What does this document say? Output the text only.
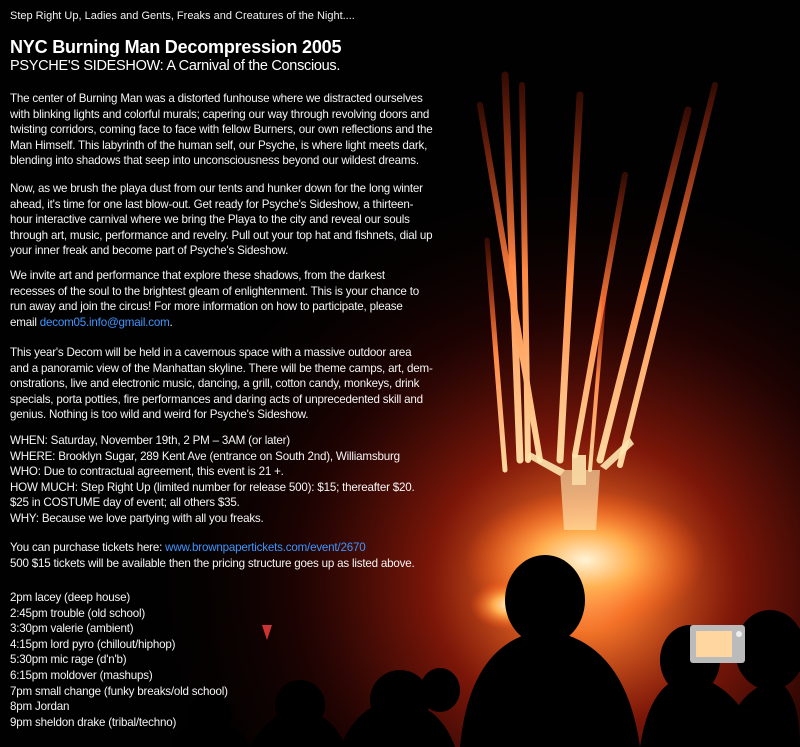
Step Right Up, Ladies and Gents, Freaks and Creatures of the Night....
NYC Burning Man Decompression 2005
PSYCHE'S SIDESHOW: A Carnival of the Conscious.
The center of Burning Man was a distorted funhouse where we distracted ourselves
with blinking lights and colorful murals; capering our way through revolving doors and
twisting corridors, coming face to face with fellow Burners, our own reflections and the
Man Himself. This labyrinth of the human self, our Psyche, is where light meets dark,
blending into shadows that seep into unconsciousness beyond our wildest dreams.
Now, as we brush the playa dust from our tents and hunker down for the long winter
ahead, it's time for one last blow-out. Get ready for Psyche's Sideshow, a thirteen-
hour interactive carnival where we bring the Playa to the city and reveal our souls
through art, music, performance and revelry. Pull out your top hat and fishnets, dial up
your inner freak and become part of Psyche's Sideshow.
We invite art and performance that explore these shadows, from the darkest
recesses of the soul to the brightest gleam of enlightenment. This is your chance to
run away and join the circus! For more information on how to participate, please
email decom05.info@gmail.com.
This year's Decom will be held in a cavernous space with a massive outdoor area
and a panoramic view of the Manhattan skyline. There will be theme camps, art, dem-
onstrations, live and electronic music, dancing, a grill, cotton candy, monkeys, drink
specials, porta potties, fire performances and daring acts of unprecedented skill and
genius. Nothing is too wild and weird for Psyche's Sideshow.
WHEN: Saturday, November 19th, 2 PM – 3AM (or later)
WHERE: Brooklyn Sugar, 289 Kent Ave (entrance on South 2nd), Williamsburg
WHO: Due to contractual agreement, this event is 21 +.
HOW MUCH: Step Right Up (limited number for release 500): $15; thereafter $20.
$25 in COSTUME day of event; all others $35.
WHY: Because we love partying with all you freaks.
You can purchase tickets here: www.brownpapertickets.com/event/2670
500 $15 tickets will be available then the pricing structure goes up as listed above.
2pm lacey (deep house)
2:45pm trouble (old school)
3:30pm valerie (ambient)
4:15pm lord pyro (chillout/hiphop)
5:30pm mic rage (d'n'b)
6:15pm moldover (mashups)
7pm small change (funky breaks/old school)
8pm Jordan
9pm sheldon drake (tribal/techno)
